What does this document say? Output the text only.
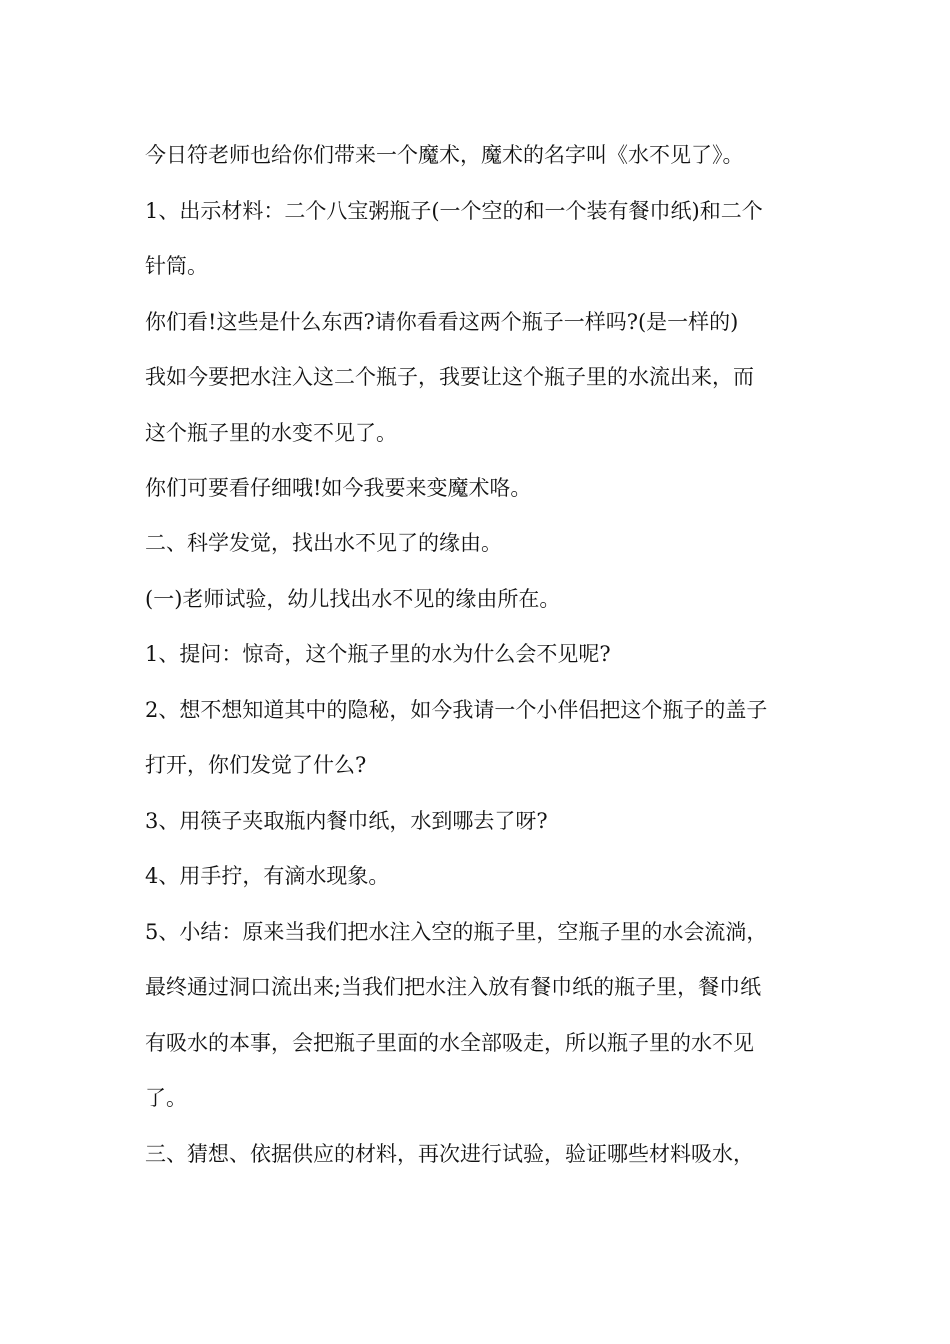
今日符老师也给你们带来一个魔术，魔术的名字叫《水不见了》。

1、出示材料：二个八宝粥瓶子(一个空的和一个装有餐巾纸)和二个

针筒。

你们看!这些是什么东西?请你看看这两个瓶子一样吗?(是一样的)

我如今要把水注入这二个瓶子，我要让这个瓶子里的水流出来，而

这个瓶子里的水变不见了。

你们可要看仔细哦!如今我要来变魔术咯。

二、科学发觉，找出水不见了的缘由。

(一)老师试验，幼儿找出水不见的缘由所在。

1、提问：惊奇，这个瓶子里的水为什么会不见呢?

2、想不想知道其中的隐秘，如今我请一个小伴侣把这个瓶子的盖子

打开，你们发觉了什么?

3、用筷子夹取瓶内餐巾纸，水到哪去了呀?

4、用手拧，有滴水现象。

5、小结：原来当我们把水注入空的瓶子里，空瓶子里的水会流淌，

最终通过洞口流出来;当我们把水注入放有餐巾纸的瓶子里，餐巾纸

有吸水的本事，会把瓶子里面的水全部吸走，所以瓶子里的水不见

了。

三、猜想、依据供应的材料，再次进行试验，验证哪些材料吸水，
